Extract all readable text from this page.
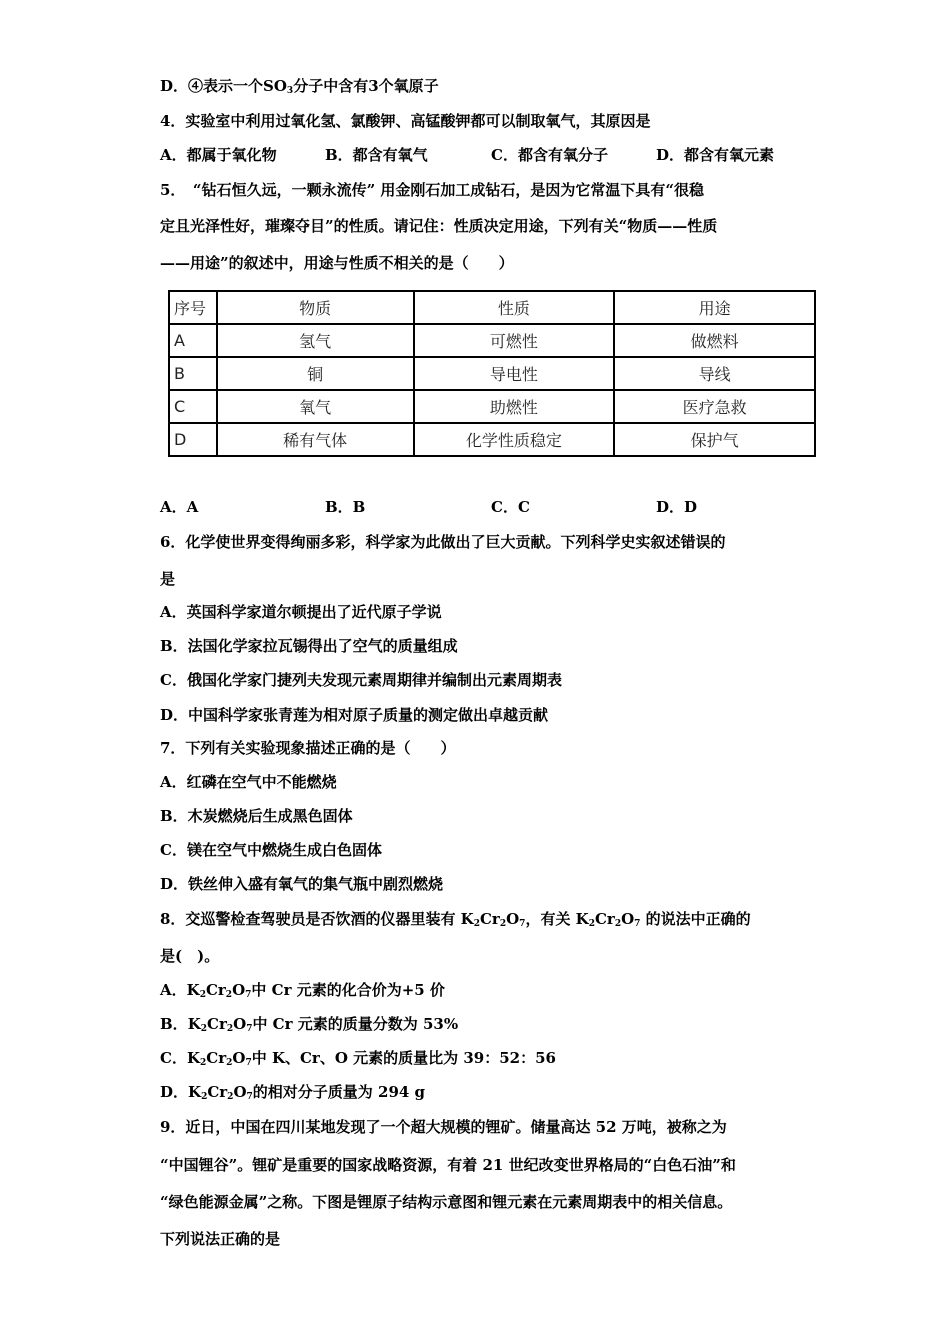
D．④表示一个$SO_3$分子中含有3个氧原子
4．实验室中利用过氧化氢、氯酸钾、高锰酸钾都可以制取氧气，其原因是
A．都属于氧化物	B．都含有氧气	C．都含有氧分子	D．都含有氧元素
5．　“钻石恒久远，一颗永流传” 用金刚石加工成钻石，是因为它常温下具有“很稳
定且光泽性好，璀璨夺目”的性质。请记住：性质决定用途，下列有关“物质——性质
——用途”的叙述中，用途与性质不相关的是（　　）
序号	物质	性质	用途
A	氢气	可燃性	做燃料
B	铜	导电性	导线
C	氧气	助燃性	医疗急救
D	稀有气体	化学性质稳定	保护气
A．A	B．B	C．C	D．D
6．化学使世界变得绚丽多彩，科学家为此做出了巨大贡献。下列科学史实叙述错误的
是
A．英国科学家道尔顿提出了近代原子学说
B．法国化学家拉瓦锡得出了空气的质量组成
C．俄国化学家门捷列夫发现元素周期律并编制出元素周期表
D．中国科学家张青莲为相对原子质量的测定做出卓越贡献
7．下列有关实验现象描述正确的是（　　）
A．红磷在空气中不能燃烧
B．木炭燃烧后生成黑色固体
C．镁在空气中燃烧生成白色固体
D．铁丝伸入盛有氧气的集气瓶中剧烈燃烧
8．交巡警检查驾驶员是否饮酒的仪器里装有 $K_2Cr_2O_7$，有关 $K_2Cr_2O_7$ 的说法中正确的
是(　)。
A．$K_2Cr_2O_7$中 Cr 元素的化合价为+5 价
B．$K_2Cr_2O_7$中 Cr 元素的质量分数为 53%
C．$K_2Cr_2O_7$中 K、Cr、O 元素的质量比为 39：52：56
D．$K_2Cr_2O_7$的相对分子质量为 294 g
9．近日，中国在四川某地发现了一个超大规模的锂矿。储量高达 52 万吨，被称之为
“中国锂谷”。锂矿是重要的国家战略资源，有着 21 世纪改变世界格局的“白色石油”和
“绿色能源金属”之称。下图是锂原子结构示意图和锂元素在元素周期表中的相关信息。
下列说法正确的是
